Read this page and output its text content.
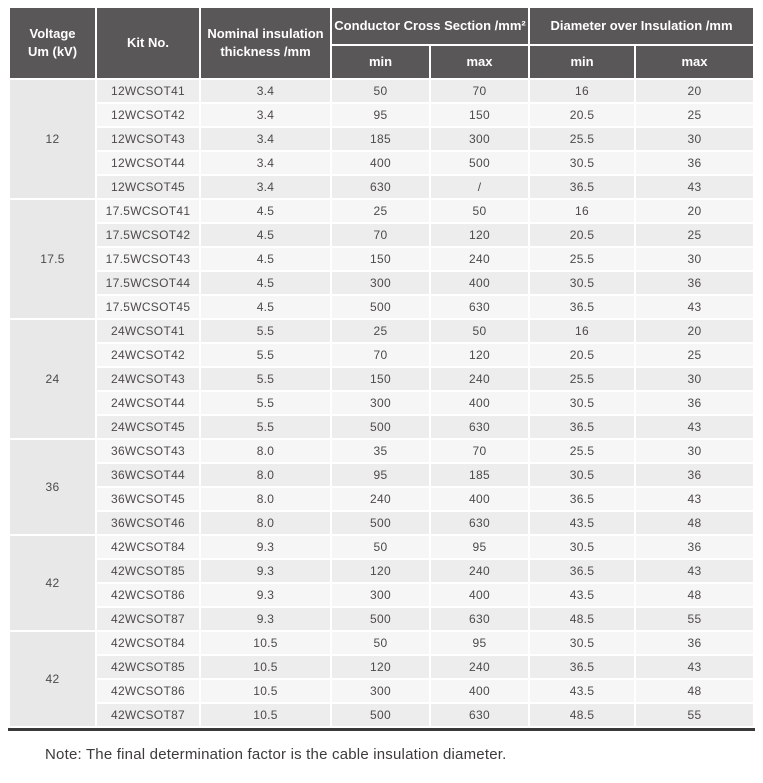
Voltage
Um (kV)
	Kit No.	
Nominal insulation
thickness /mm
	Conductor Cross Section /mm²	Diameter over Insulation /mm
			min	max	min	max
12	12WCSOT41	3.4	50	70	16	20
	12WCSOT42	3.4	95	150	20.5	25
	12WCSOT43	3.4	185	300	25.5	30
	12WCSOT44	3.4	400	500	30.5	36
	12WCSOT45	3.4	630	/	36.5	43
17.5	17.5WCSOT41	4.5	25	50	16	20
	17.5WCSOT42	4.5	70	120	20.5	25
	17.5WCSOT43	4.5	150	240	25.5	30
	17.5WCSOT44	4.5	300	400	30.5	36
	17.5WCSOT45	4.5	500	630	36.5	43
24	24WCSOT41	5.5	25	50	16	20
	24WCSOT42	5.5	70	120	20.5	25
	24WCSOT43	5.5	150	240	25.5	30
	24WCSOT44	5.5	300	400	30.5	36
	24WCSOT45	5.5	500	630	36.5	43
36	36WCSOT43	8.0	35	70	25.5	30
	36WCSOT44	8.0	95	185	30.5	36
	36WCSOT45	8.0	240	400	36.5	43
	36WCSOT46	8.0	500	630	43.5	48
42	42WCSOT84	9.3	50	95	30.5	36
	42WCSOT85	9.3	120	240	36.5	43
	42WCSOT86	9.3	300	400	43.5	48
	42WCSOT87	9.3	500	630	48.5	55
42	42WCSOT84	10.5	50	95	30.5	36
	42WCSOT85	10.5	120	240	36.5	43
	42WCSOT86	10.5	300	400	43.5	48
	42WCSOT87	10.5	500	630	48.5	55
Note: The final determination factor is the cable insulation diameter.
